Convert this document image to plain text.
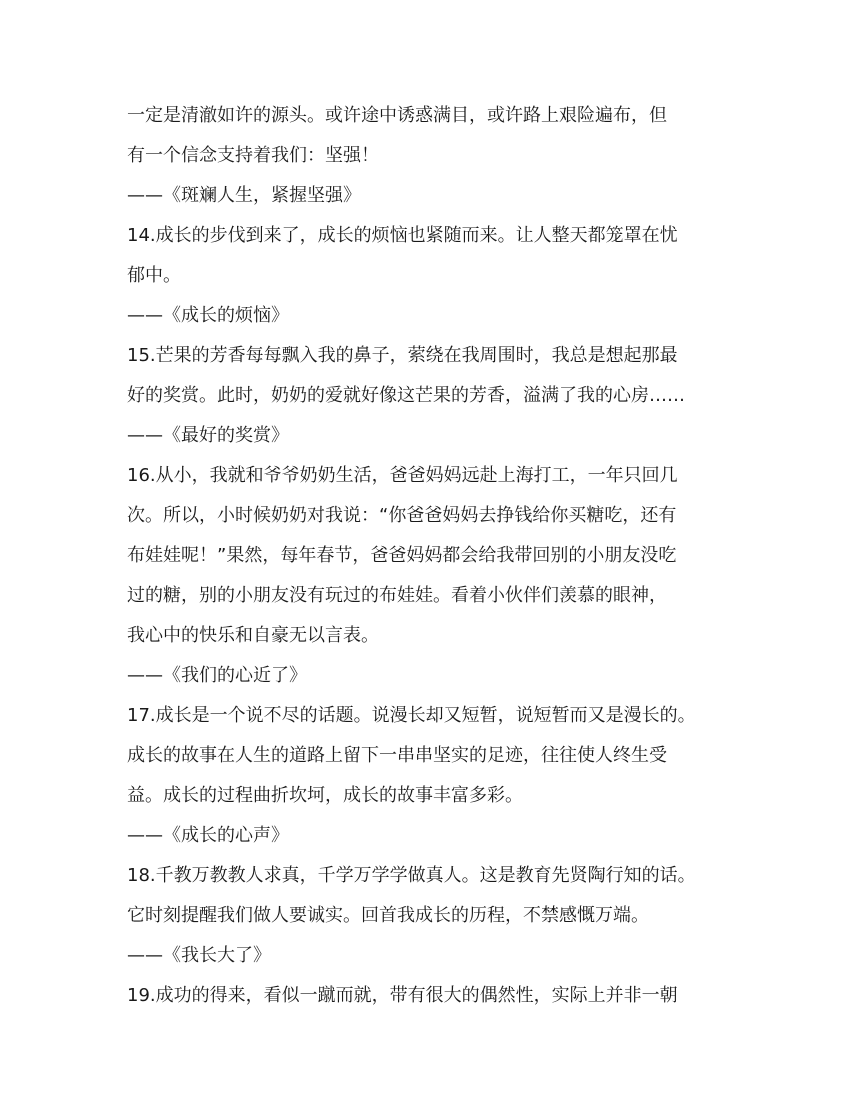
一定是清澈如许的源头。或许途中诱惑满目，或许路上艰险遍布，但
有一个信念支持着我们：坚强！
——《斑斓人生，紧握坚强》
14.成长的步伐到来了，成长的烦恼也紧随而来。让人整天都笼罩在忧
郁中。
——《成长的烦恼》
15.芒果的芳香每每飘入我的鼻子，萦绕在我周围时，我总是想起那最
好的奖赏。此时，奶奶的爱就好像这芒果的芳香，溢满了我的心房……
——《最好的奖赏》
16.从小，我就和爷爷奶奶生活，爸爸妈妈远赴上海打工，一年只回几
次。所以，小时候奶奶对我说：“你爸爸妈妈去挣钱给你买糖吃，还有
布娃娃呢！”果然，每年春节，爸爸妈妈都会给我带回别的小朋友没吃
过的糖，别的小朋友没有玩过的布娃娃。看着小伙伴们羡慕的眼神，
我心中的快乐和自豪无以言表。
——《我们的心近了》
17.成长是一个说不尽的话题。说漫长却又短暂，说短暂而又是漫长的。
成长的故事在人生的道路上留下一串串坚实的足迹，往往使人终生受
益。成长的过程曲折坎坷，成长的故事丰富多彩。
——《成长的心声》
18.千教万教教人求真，千学万学学做真人。这是教育先贤陶行知的话。
它时刻提醒我们做人要诚实。回首我成长的历程，不禁感慨万端。
——《我长大了》
19.成功的得来，看似一蹴而就，带有很大的偶然性，实际上并非一朝
